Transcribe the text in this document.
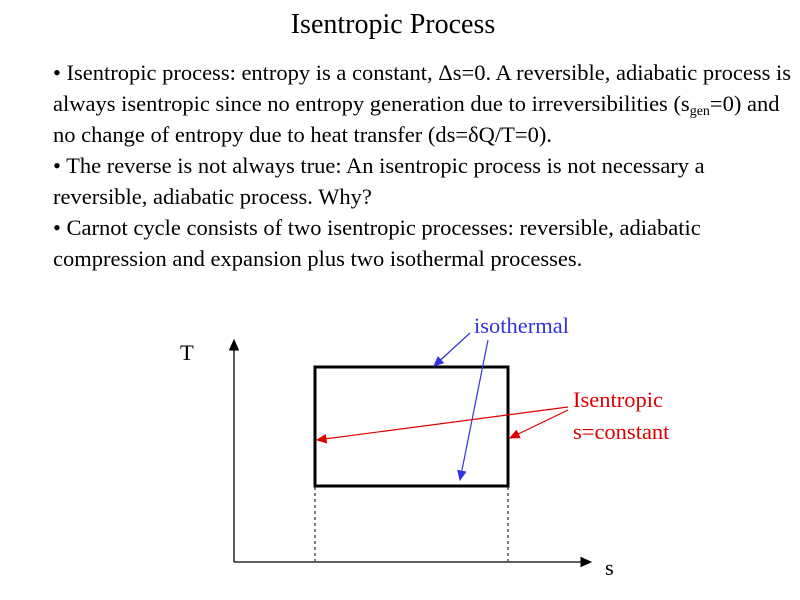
Isentropic Process

• Isentropic process: entropy is a constant, Δs=0. A reversible, adiabatic process is always isentropic since no entropy generation due to irreversibilities $(s_{gen}=0)$ and no change of entropy due to heat transfer (ds=δQ/T=0).

• The reverse is not always true: An isentropic process is not necessary a reversible, adiabatic process. Why?

• Carnot cycle consists of two isentropic processes: reversible, adiabatic compression and expansion plus two isothermal processes.

T
s
isothermal
Isentropic
s=constant
